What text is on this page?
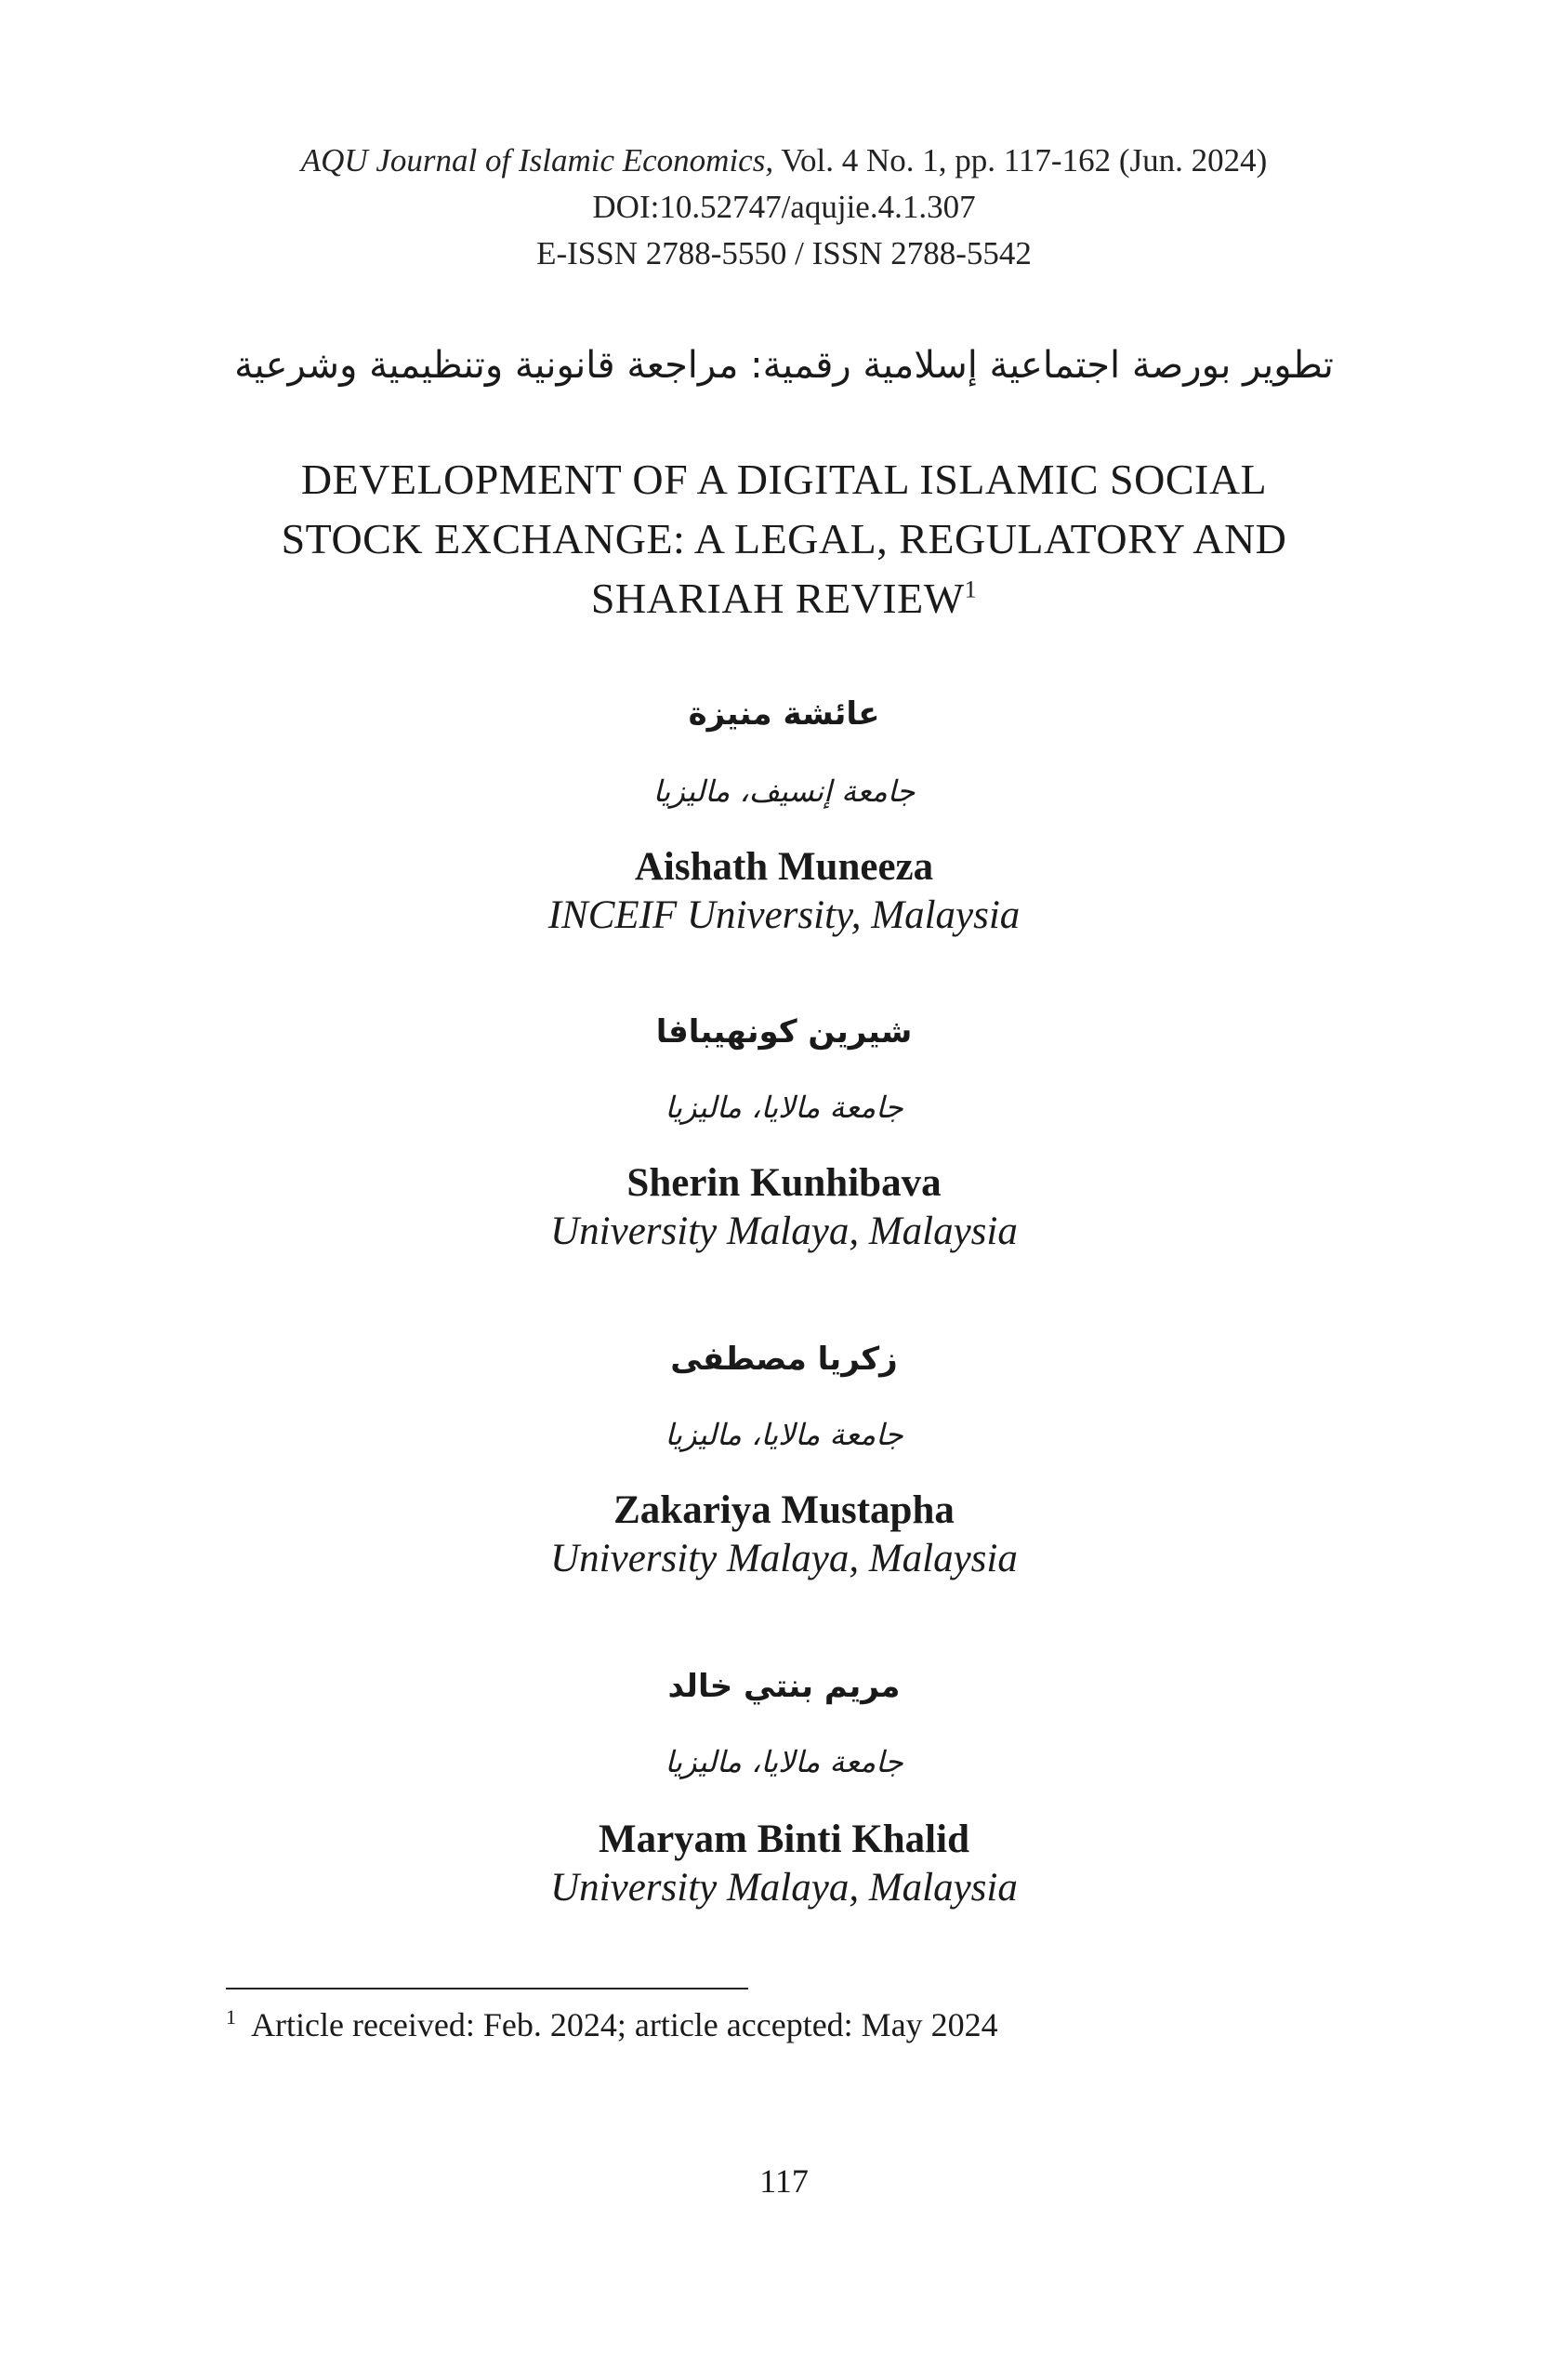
AQU Journal of Islamic Economics, Vol. 4 No. 1, pp. 117-162 (Jun. 2024)
DOI:10.52747/aqujie.4.1.307
E-ISSN 2788-5550 / ISSN 2788-5542
تطوير بورصة اجتماعية إسلامية رقمية: مراجعة قانونية وتنظيمية وشرعية
DEVELOPMENT OF A DIGITAL ISLAMIC SOCIAL
STOCK EXCHANGE: A LEGAL, REGULATORY AND
SHARIAH REVIEW$^1$
عائشة منيزة
جامعة إنسيف، ماليزيا
Aishath Muneeza
INCEIF University, Malaysia
شيرين كونهيبافا
جامعة مالايا، ماليزيا
Sherin Kunhibava
University Malaya, Malaysia
زكريا مصطفى
جامعة مالايا، ماليزيا
Zakariya Mustapha
University Malaya, Malaysia
مريم بنتي خالد
جامعة مالايا، ماليزيا
Maryam Binti Khalid
University Malaya, Malaysia
$^1$ Article received: Feb. 2024; article accepted: May 2024
117
